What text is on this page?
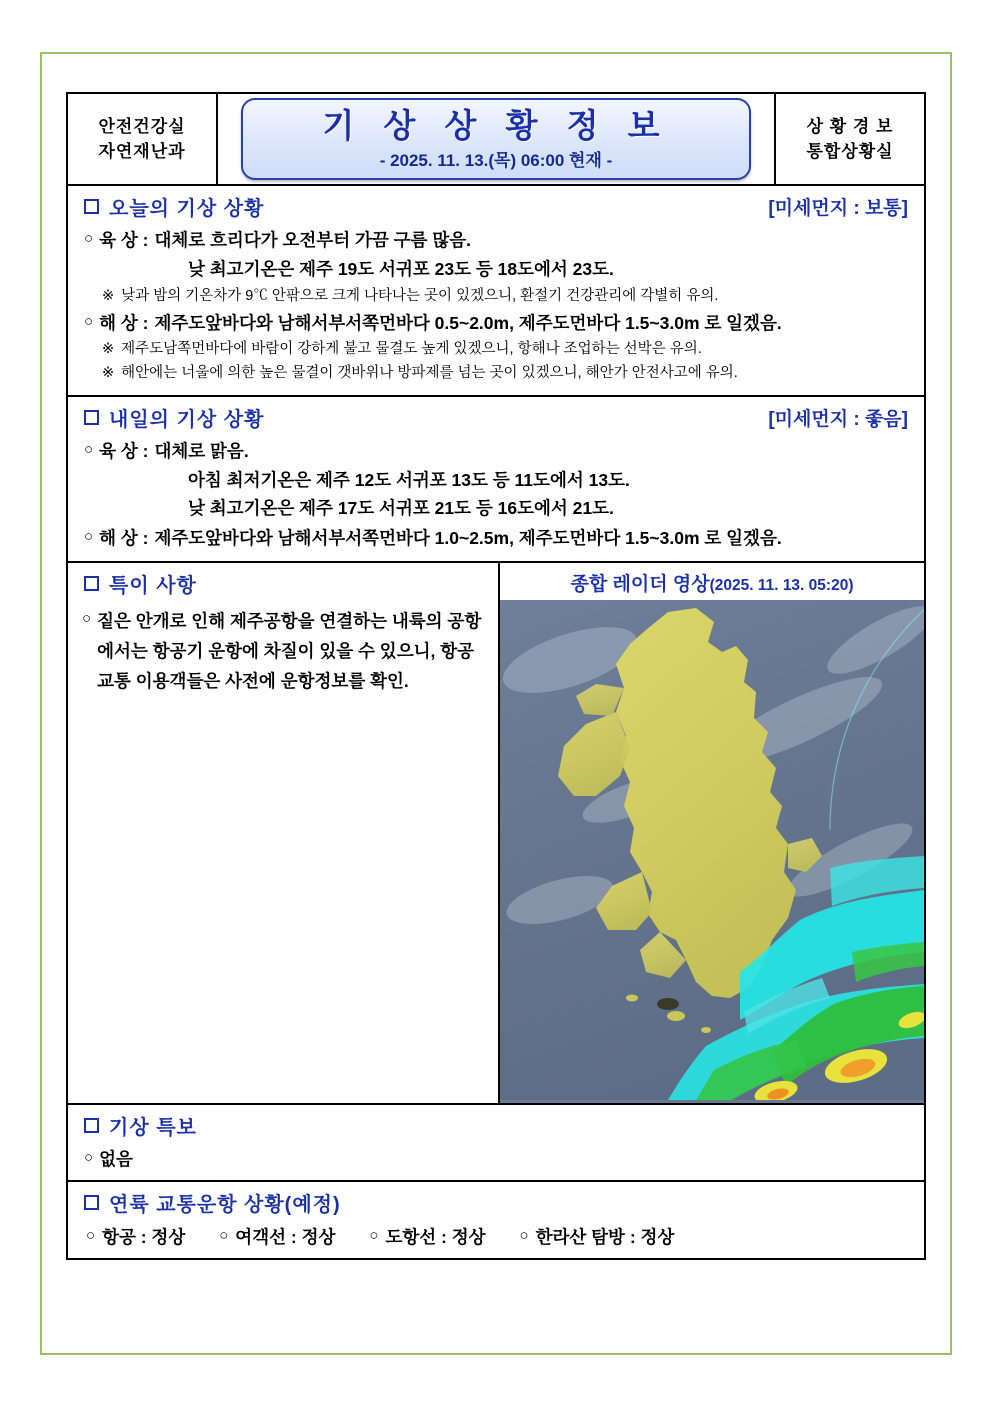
안전건강실
자연재난과
기 상 상 황 정 보
- 2025. 11. 13.(목) 06:00 현재 -
상 황 경 보
통합상황실
오늘의 기상 상황	[미세먼지 : 보통]
○ 육 상 : 대체로 흐리다가 오전부터 가끔 구름 많음.
낮 최고기온은 제주 19도 서귀포 23도 등 18도에서 23도.
※ 낮과 밤의 기온차가 9℃ 안팎으로 크게 나타나는 곳이 있겠으니, 환절기 건강관리에 각별히 유의.
○ 해 상 : 제주도앞바다와 남해서부서쪽먼바다 0.5~2.0m, 제주도먼바다 1.5~3.0m 로 일겠음.
※ 제주도남쪽먼바다에 바람이 강하게 불고 물결도 높게 있겠으니, 항해나 조업하는 선박은 유의.
※ 해안에는 너울에 의한 높은 물결이 갯바위나 방파제를 넘는 곳이 있겠으니, 해안가 안전사고에 유의.
내일의 기상 상황	[미세먼지 : 좋음]
○ 육 상 : 대체로 맑음.
아침 최저기온은 제주 12도 서귀포 13도 등 11도에서 13도.
낮 최고기온은 제주 17도 서귀포 21도 등 16도에서 21도.
○ 해 상 : 제주도앞바다와 남해서부서쪽먼바다 1.0~2.5m, 제주도먼바다 1.5~3.0m 로 일겠음.
특이 사항
○ 짙은 안개로 인해 제주공항을 연결하는 내륙의 공항에서는 항공기 운항에 차질이 있을 수 있으니, 항공교통 이용객들은 사전에 운항정보를 확인.
종합 레이더 영상(2025. 11. 13. 05:20)
기상 특보
○ 없음
연륙 교통운항 상황(예정)
○ 항공 : 정상 ○ 여객선 : 정상 ○ 도항선 : 정상 ○ 한라산 탐방 : 정상
